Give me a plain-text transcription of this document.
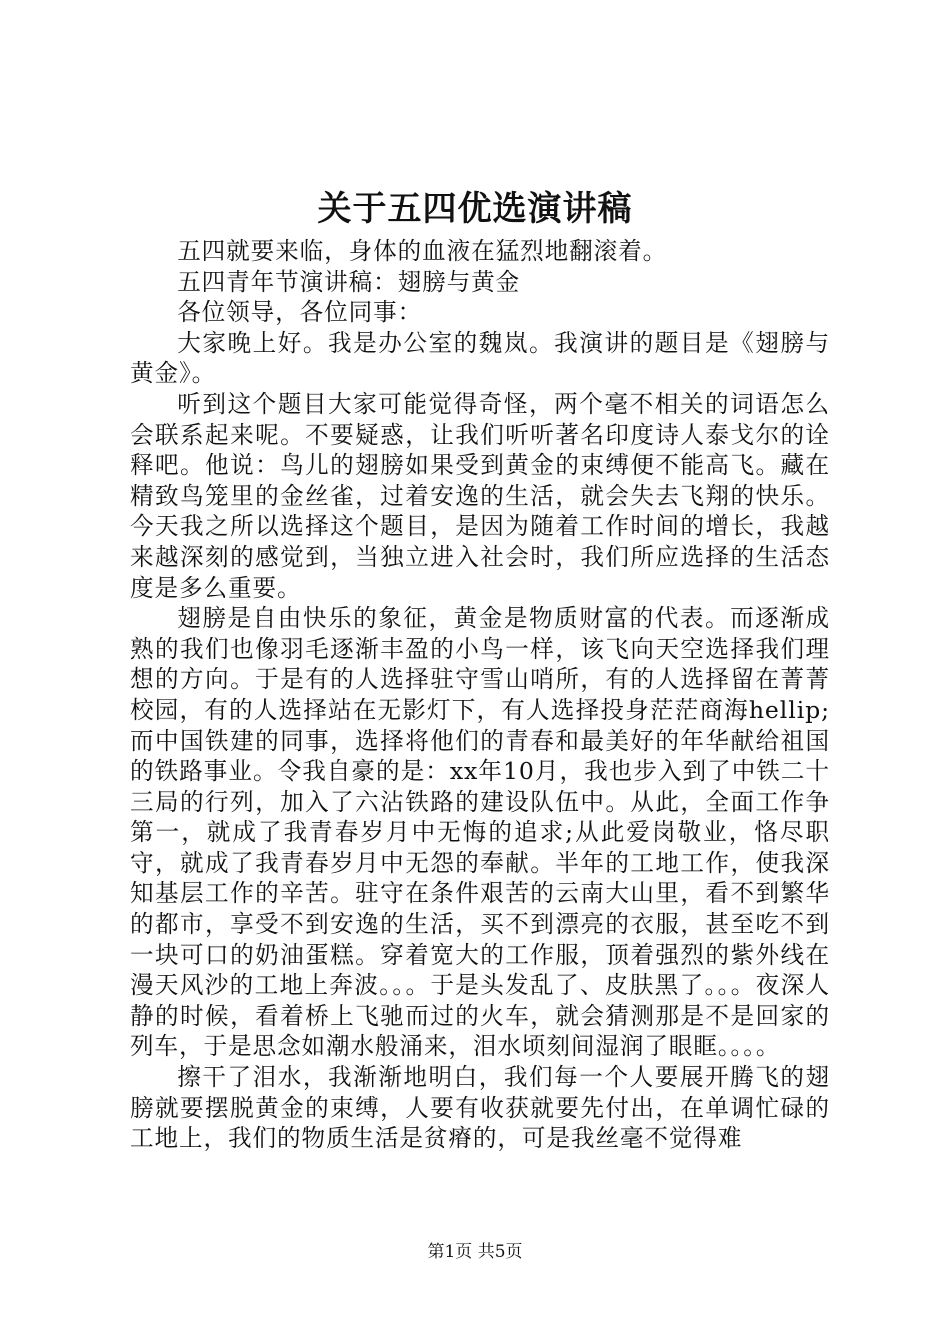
关于五四优选演讲稿

五四就要来临，身体的血液在猛烈地翻滚着。

五四青年节演讲稿：翅膀与黄金

各位领导，各位同事：

大家晚上好。我是办公室的魏岚。我演讲的题目是《翅膀与黄金》。

听到这个题目大家可能觉得奇怪，两个毫不相关的词语怎么会联系起来呢。不要疑惑，让我们听听著名印度诗人泰戈尔的诠释吧。他说：鸟儿的翅膀如果受到黄金的束缚便不能高飞。藏在精致鸟笼里的金丝雀，过着安逸的生活，就会失去飞翔的快乐。今天我之所以选择这个题目，是因为随着工作时间的增长，我越来越深刻的感觉到，当独立进入社会时，我们所应选择的生活态度是多么重要。

翅膀是自由快乐的象征，黄金是物质财富的代表。而逐渐成熟的我们也像羽毛逐渐丰盈的小鸟一样，该飞向天空选择我们理想的方向。于是有的人选择驻守雪山哨所，有的人选择留在菁菁校园，有的人选择站在无影灯下，有人选择投身茫茫商海hellip;而中国铁建的同事，选择将他们的青春和最美好的年华献给祖国的铁路事业。令我自豪的是：xx年10月，我也步入到了中铁二十三局的行列，加入了六沾铁路的建设队伍中。从此，全面工作争第一，就成了我青春岁月中无悔的追求;从此爱岗敬业，恪尽职守，就成了我青春岁月中无怨的奉献。半年的工地工作，使我深知基层工作的辛苦。驻守在条件艰苦的云南大山里，看不到繁华的都市，享受不到安逸的生活，买不到漂亮的衣服，甚至吃不到一块可口的奶油蛋糕。穿着宽大的工作服，顶着强烈的紫外线在漫天风沙的工地上奔波。。。于是头发乱了、皮肤黑了。。。夜深人静的时候，看着桥上飞驰而过的火车，就会猜测那是不是回家的列车，于是思念如潮水般涌来，泪水顷刻间湿润了眼眶。。。。

擦干了泪水，我渐渐地明白，我们每一个人要展开腾飞的翅膀就要摆脱黄金的束缚，人要有收获就要先付出，在单调忙碌的工地上，我们的物质生活是贫瘠的，可是我丝毫不觉得难

第1页 共5页
